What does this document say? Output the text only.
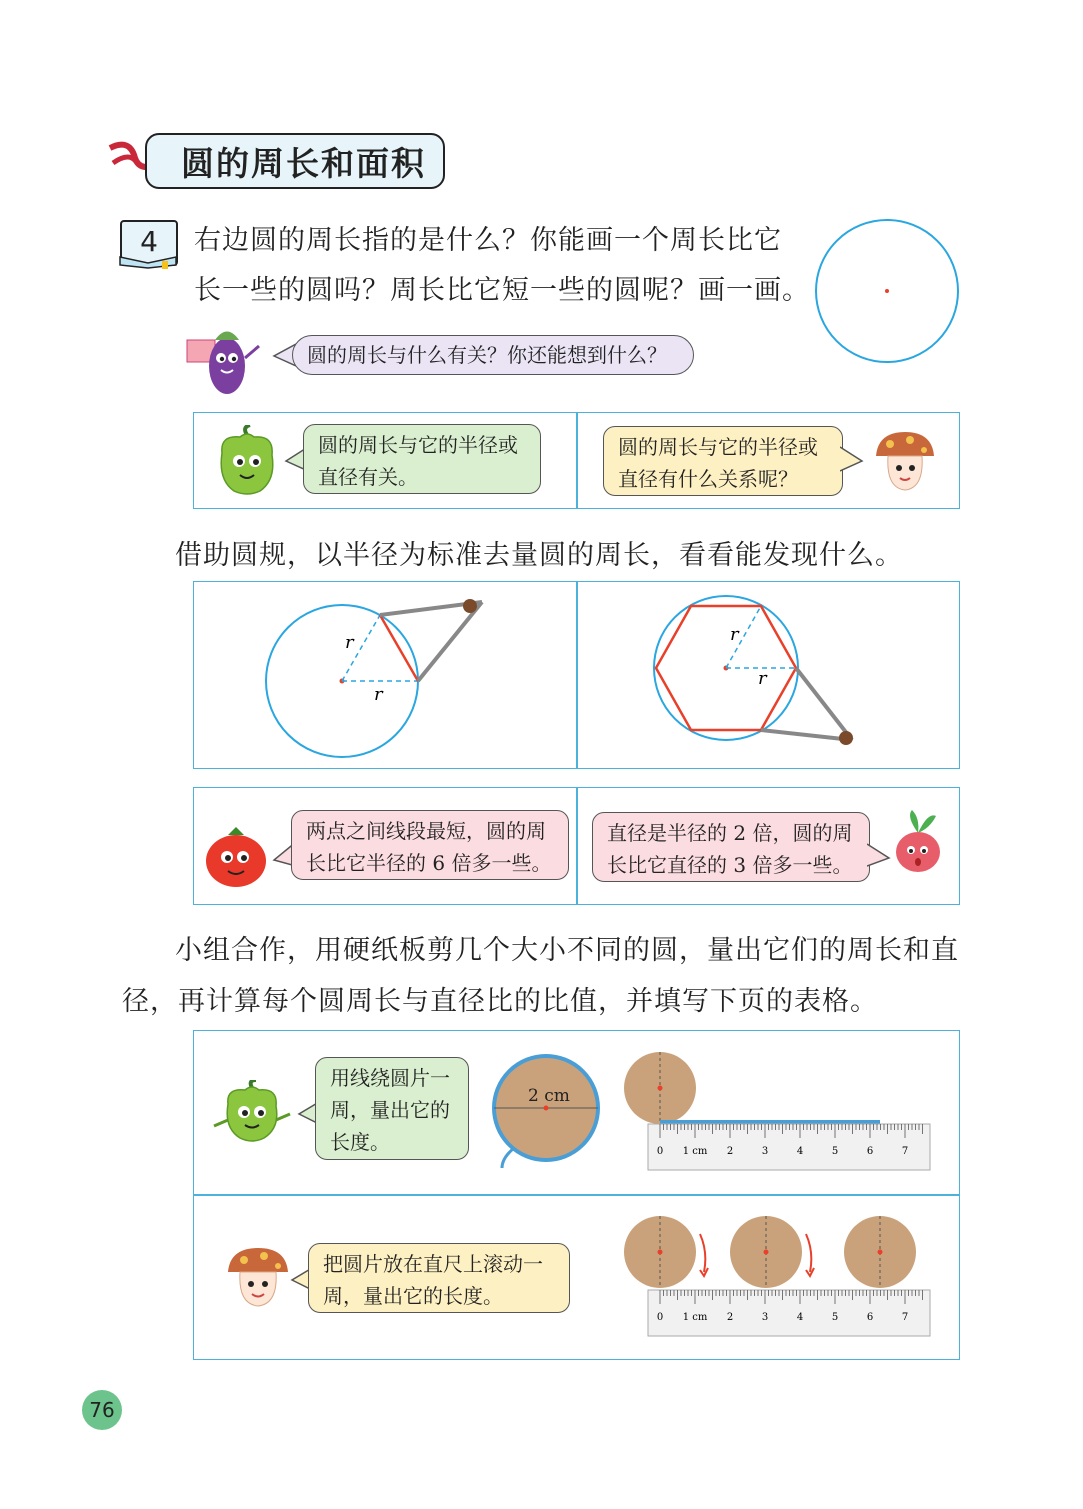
圆的周长和面积
4	右边圆的周长指的是什么？你能画一个周长比它
长一些的圆吗？周长比它短一些的圆呢？画一画。
圆的周长与什么有关？你还能想到什么？
圆的周长与它的半径或
直径有关。
圆的周长与它的半径或
直径有什么关系呢？
借助圆规，以半径为标准去量圆的周长，看看能发现什么。
r
r
r
r
两点之间线段最短，圆的周
长比它半径的 6 倍多一些。
直径是半径的 2 倍，圆的周
长比它直径的 3 倍多一些。
小组合作，用硬纸板剪几个大小不同的圆，量出它们的周长和直
径，再计算每个圆周长与直径比的比值，并填写下页的表格。
用线绕圆片一
周，量出它的
长度。
2 cm
0 1 cm 2	3	4	5	6	7
把圆片放在直尺上滚动一
周，量出它的长度。
0 1 cm 2	3	4	5	6	7
76
